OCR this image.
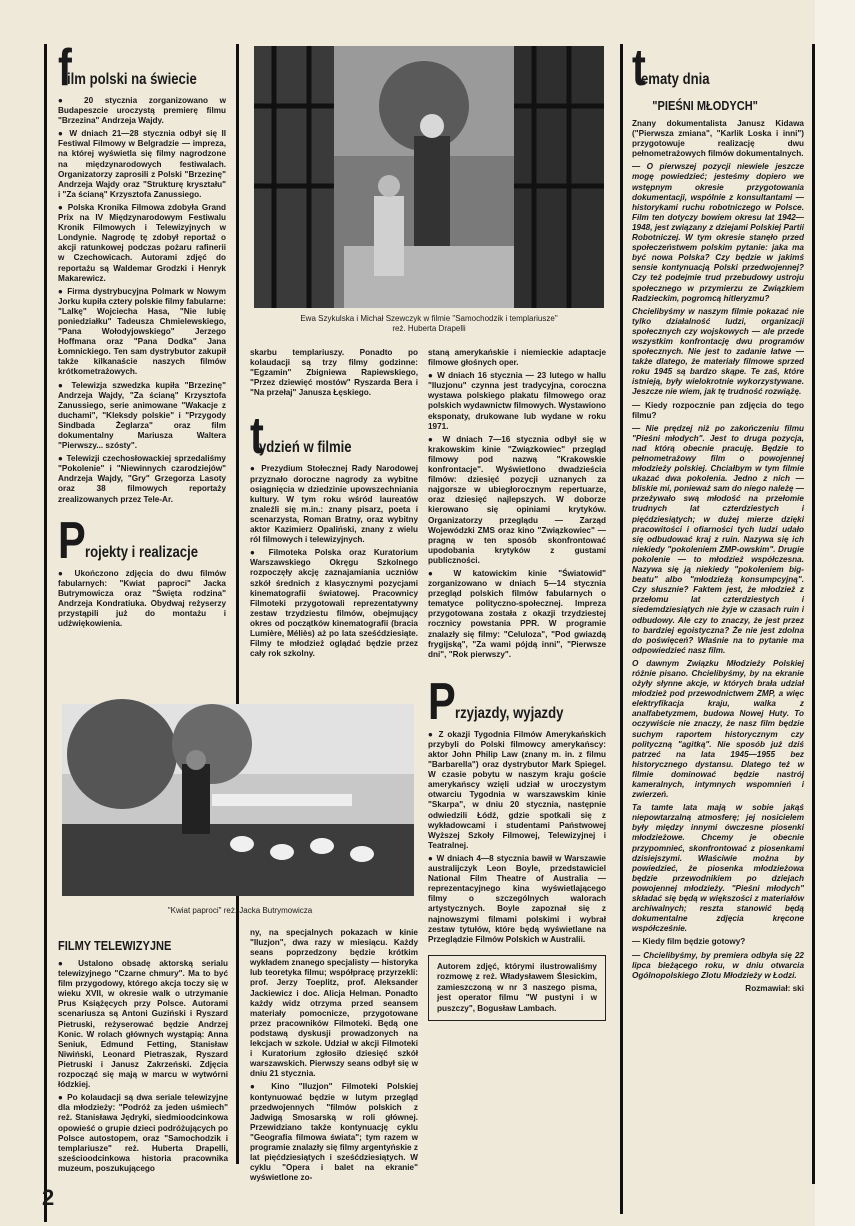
f
ilm polski na świecie

● 20 stycznia zorganizowano w Budapeszcie uroczystą premierę filmu "Brzezina" Andrzeja Wajdy.

● W dniach 21—28 stycznia odbył się II Festiwal Filmowy w Belgradzie — impreza, na której wyświetla się filmy nagrodzone na międzynarodowych festiwalach. Organizatorzy zaprosili z Polski "Brzezinę" Andrzeja Wajdy oraz "Strukturę kryształu" i "Za ścianą" Krzysztofa Zanussiego.

● Polska Kronika Filmowa zdobyła Grand Prix na IV Międzynarodowym Festiwalu Kronik Filmowych i Telewizyjnych w Londynie. Nagrodę tę zdobył reportaż o akcji ratunkowej podczas pożaru rafinerii w Czechowicach. Autorami zdjęć do reportażu są Waldemar Grodzki i Henryk Makarewicz.

● Firma dystrybucyjna Polmark w Nowym Jorku kupiła cztery polskie filmy fabularne: "Lalkę" Wojciecha Hasa, "Nie lubię poniedziałku" Tadeusza Chmielewskiego, "Pana Wołodyjowskiego" Jerzego Hoffmana oraz "Pana Dodka" Jana Łomnickiego. Ten sam dystrybutor zakupił także kilkanaście naszych filmów krótkometrażowych.

● Telewizja szwedzka kupiła "Brzezinę" Andrzeja Wajdy, "Za ścianą" Krzysztofa Zanussiego, serie animowane "Wakacje z duchami", "Kleksdy polskie" i "Przygody Sindbada Żeglarza" oraz film dokumentalny Mariusza Waltera "Pierwszy... szósty".

● Telewizji czechosłowackiej sprzedaliśmy "Pokolenie" i "Niewinnych czarodziejów" Andrzeja Wajdy, "Gry" Grzegorza Lasoty oraz 38 filmowych reportaży zrealizowanych przez Tele-Ar.

P rojekty i realizacje

● Ukończono zdjęcia do dwu filmów fabularnych: "Kwiat paproci" Jacka Butrymowicza oraz "Święta rodzina" Andrzeja Kondratiuka. Obydwaj reżyserzy przystąpili już do montażu i udźwiękowienia.

Ewa Szykulska i Michał Szewczyk w filmie "Samochodzik i templariusze" reż. Huberta Drapelli

skarbu templariuszy. Ponadto po kolaudacji są trzy filmy godzinne: "Egzamin" Zbigniewa Rapiewskiego, "Przez dziewięć mostów" Ryszarda Bera i "Na przełaj" Janusza Łęskiego.

t
ydzień w filmie

● Prezydium Stołecznej Rady Narodowej przyznało doroczne nagrody za wybitne osiągnięcia w dziedzinie upowszechniania kultury. W tym roku wśród laureatów znaleźli się m.in.: znany pisarz, poeta i scenarzysta, Roman Bratny, oraz wybitny aktor Kazimierz Opaliński, znany z wielu ról filmowych i telewizyjnych.

● Filmoteka Polska oraz Kuratorium Warszawskiego Okręgu Szkolnego rozpoczęły akcję zaznajamiania uczniów szkół średnich z klasycznymi pozycjami kinematografii światowej. Pracownicy Filmoteki przygotowali reprezentatywny zestaw trzydziestu filmów, obejmujący okres od początków kinematografii (bracia Lumière, Méliès) aż po lata sześćdziesiąte. Filmy te młodzież oglądać będzie przez cały rok szkolny.

staną amerykańskie i niemieckie adaptacje filmowe głośnych oper.

● W dniach 16 stycznia — 23 lutego w hallu "Iluzjonu" czynna jest tradycyjna, coroczna wystawa polskiego plakatu filmowego oraz polskich wydawnictw filmowych. Wystawiono eksponaty, drukowane lub wydane w roku 1971.

● W dniach 7—16 stycznia odbył się w krakowskim kinie "Związkowiec" przegląd filmowy pod nazwą "Krakowskie konfrontacje". Wyświetlono dwadzieścia filmów: dziesięć pozycji uznanych za najgorsze w ubiegłorocznym repertuarze, oraz dziesięć najlepszych. W doborze kierowano się opiniami krytyków. Organizatorzy przeglądu — Zarząd Wojewódzki ZMS oraz kino "Związkowiec" — pragną w ten sposób skonfrontować upodobania krytyków z gustami publiczności.

● W katowickim kinie "Światowid" zorganizowano w dniach 5—14 stycznia przegląd polskich filmów fabularnych o tematyce polityczno-społecznej. Impreza przygotowana została z okazji trzydziestej rocznicy powstania PPR. W programie znalazły się filmy: "Celuloza", "Pod gwiazdą frygijską", "Za wami pójdą inni", "Pierwsze dni", "Rok pierwszy".

P rzyjazdy, wyjazdy

● Z okazji Tygodnia Filmów Amerykańskich przybyli do Polski filmowcy amerykańscy: aktor John Philip Law (znany m. in. z filmu "Barbarella") oraz dystrybutor Mark Spiegel. W czasie pobytu w naszym kraju goście amerykańscy wzięli udział w uroczystym otwarciu Tygodnia w warszawskim kinie "Skarpa", w dniu 20 stycznia, następnie odwiedzili Łódź, gdzie spotkali się z wykładowcami i studentami Państwowej Wyższej Szkoły Filmowej, Telewizyjnej i Teatralnej.

● W dniach 4—8 stycznia bawił w Warszawie australijczyk Leon Boyle, przedstawiciel National Film Theatre of Australia — reprezentacyjnego kina wyświetlającego filmy o szczególnych walorach artystycznych. Boyle zapoznał się z najnowszymi filmami polskimi i wybrał zestaw tytułów, które będą wyświetlane na Przeglądzie Filmów Polskich w Australii.

Autorem zdjęć, którymi ilustrowaliśmy rozmowę z reż. Władysławem Ślesickim, zamieszczoną w nr 3 naszego pisma, jest operator filmu "W pustyni i w puszczy", Bogusław Lambach.
"Kwiat paproci" reż. Jacka Butrymowicza
FILMY TELEWIZYJNE

● Ustalono obsadę aktorską serialu telewizyjnego "Czarne chmury". Ma to być film przygodowy, którego akcja toczy się w wieku XVII, w okresie walk o utrzymanie Prus Książęcych przy Polsce. Autorami scenariusza są Antoni Guziński i Ryszard Pietruski, reżyserować będzie Andrzej Konic. W rolach głównych wystąpią: Anna Seniuk, Edmund Fetting, Stanisław Niwiński, Leonard Pietraszak, Ryszard Pietruski i Janusz Zakrzeński. Zdjęcia rozpocząć się mają w marcu w wytwórni łódzkiej.

● Po kolaudacji są dwa seriale telewizyjne dla młodzieży: "Podróż za jeden uśmiech" reż. Stanisława Jędryki, siedmioodcinkowa opowieść o grupie dzieci podróżujących po Polsce autostopem, oraz "Samochodzik i templariusze" reż. Huberta Drapelli, sześcioodcinkowa historia pracownika muzeum, poszukującego

ny, na specjalnych pokazach w kinie "Iluzjon", dwa razy w miesiącu. Każdy seans poprzedzony będzie krótkim wykładem znanego specjalisty — historyka lub teoretyka filmu; współpracę przyrzekli: prof. Jerzy Toeplitz, prof. Aleksander Jackiewicz i doc. Alicja Helman. Ponadto każdy widz otrzyma przed seansem materiały pomocnicze, przygotowane przez pracowników Filmoteki. Będą one podstawą dyskusji prowadzonych na lekcjach w szkole. Udział w akcji Filmoteki i Kuratorium zgłosiło dziesięć szkół warszawskich. Pierwszy seans odbył się w dniu 21 stycznia.

● Kino "Iluzjon" Filmoteki Polskiej kontynuować będzie w lutym przegląd przedwojennych "filmów polskich z Jadwigą Smosarską w roli głównej. Przewidziano także kontynuację cyklu "Geografia filmowa świata"; tym razem w programie znalazły się filmy argentyńskie z lat pięćdziesiątych i sześćdziesiątych. W cyklu "Opera i balet na ekranie" wyświetlone zo-

t
ematy dnia
"PIEŚNI MŁODYCH"

Znany dokumentalista Janusz Kidawa ("Pierwsza zmiana", "Karlik Loska i inni") przygotowuje realizację dwu pełnometrażowych filmów dokumentalnych.

— O pierwszej pozycji niewiele jeszcze mogę powiedzieć; jesteśmy dopiero we wstępnym okresie przygotowania dokumentacji, wspólnie z konsultantami — historykami ruchu robotniczego w Polsce. Film ten dotyczy bowiem okresu lat 1942—1948, jest związany z dziejami Polskiej Partii Robotniczej. W tym okresie stanęło przed społeczeństwem polskim pytanie: jaka ma być nowa Polska? Czy będzie w jakimś sensie kontynuacją Polski przedwojennej? Czy też podejmie trud przebudowy ustroju społecznego w przymierzu ze Związkiem Radzieckim, pogromcą hitleryzmu?

Chcielibyśmy w naszym filmie pokazać nie tylko działalność ludzi, organizacji społecznych czy wojskowych — ale przede wszystkim konfrontację dwu programów społecznych. Nie jest to zadanie łatwe — także dlatego, że materiały filmowe sprzed roku 1945 są bardzo skąpe. Te zaś, które istnieją, były wielokrotnie wykorzystywane. Jeszcze nie wiem, jak tę trudność rozwiążę.

— Kiedy rozpocznie pan zdjęcia do tego filmu?

— Nie prędzej niż po zakończeniu filmu "Pieśni młodych". Jest to druga pozycja, nad którą obecnie pracuję. Będzie to pełnometrażowy film o powojennej młodzieży polskiej. Chciałbym w tym filmie ukazać dwa pokolenia. Jedno z nich — bliskie mi, ponieważ sam do niego należę — przeżywało swą młodość na przełomie trudnych lat czterdziestych i pięćdziesiątych; w dużej mierze dzięki pracowitości i ofiarności tych ludzi udało się odbudować kraj z ruin. Nazywa się ich niekiedy "pokoleniem ZMP-owskim". Drugie pokolenie — to młodzież współczesna. Nazywa się ją niekiedy "pokoleniem big-beatu" albo "młodzieżą konsumpcyjną". Czy słusznie? Faktem jest, że młodzież z przełomu lat czterdziestych i siedemdziesiątych nie żyje w czasach ruin i odbudowy. Ale czy to znaczy, że jest przez to bardziej egoistyczna? Że nie jest zdolna do poświęceń? Właśnie na to pytanie ma odpowiedzieć nasz film.

O dawnym Związku Młodzieży Polskiej różnie pisano. Chcielibyśmy, by na ekranie ożyły słynne akcje, w których brała udział młodzież pod przewodnictwem ZMP, a więc elektryfikacja kraju, walka z analfabetyzmem, budowa Nowej Huty. To oczywiście nie znaczy, że nasz film będzie suchym raportem historycznym czy polityczną "agitką". Nie sposób już dziś patrzeć na lata 1945—1955 bez historycznego dystansu. Dlatego też w filmie dominować będzie nastrój kameralnych, intymnych wspomnień i zwierzeń.

Ta tamte lata mają w sobie jakąś niepowtarzalną atmosferę; jej nosicielem były między innymi ówczesne piosenki młodzieżowe. Chcemy je obecnie przypomnieć, skonfrontować z piosenkami dzisiejszymi. Właściwie można by powiedzieć, że piosenka młodzieżowa będzie przewodnikiem po dziejach powojennej młodzieży. "Pieśni młodych" składać się będą w większości z materiałów archiwalnych; reszta stanowić będą dokumentalne zdjęcia kręcone współcześnie.

— Kiedy film będzie gotowy?

— Chcielibyśmy, by premiera odbyła się 22 lipca bieżącego roku, w dniu otwarcia Ogólnopolskiego Zlotu Młodzieży w Łodzi.

Rozmawiał: ski

2
